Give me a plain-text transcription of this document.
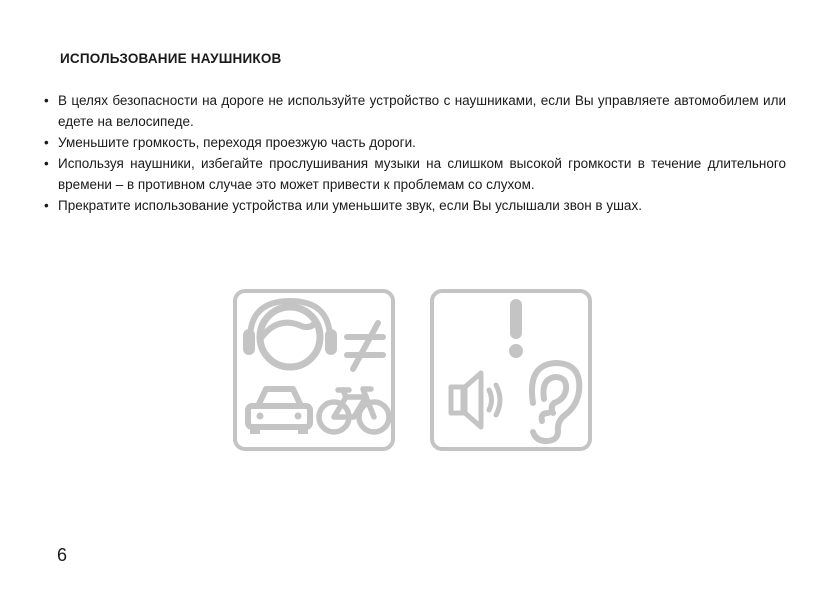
ИСПОЛЬЗОВАНИЕ НАУШНИКОВ
• В целях безопасности на дороге не используйте устройство с наушниками, если Вы управляете автомобилем или едете на велосипеде.
• Уменьшите громкость, переходя проезжую часть дороги.
• Используя наушники, избегайте прослушивания музыки на слишком высокой громкости в течение длительного времени – в противном случае это может привести к проблемам со слухом.
• Прекратите использование устройства или уменьшите звук, если Вы услышали звон в ушах.

6
